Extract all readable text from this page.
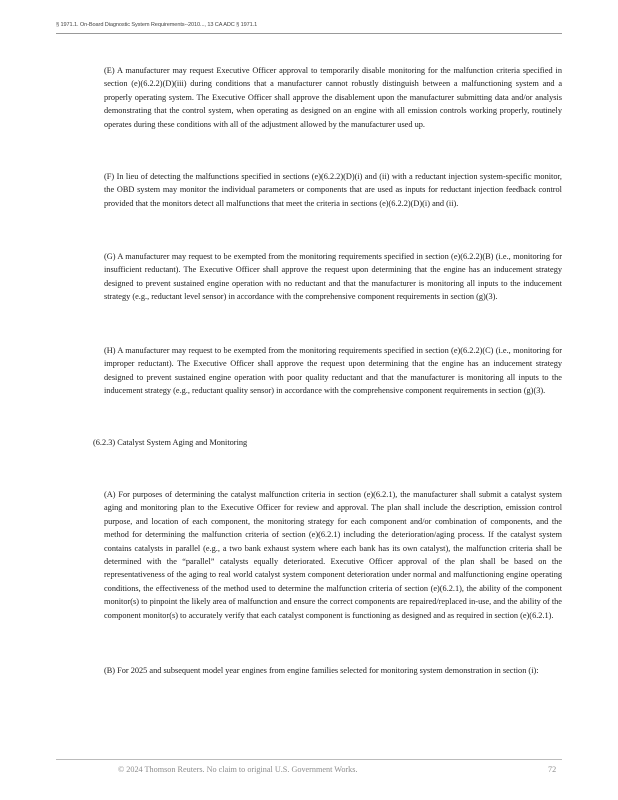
§ 1971.1. On-Board Diagnostic System Requirements--2010..., 13 CA ADC § 1971.1
(E) A manufacturer may request Executive Officer approval to temporarily disable monitoring for the malfunction criteria specified in section (e)(6.2.2)(D)(iii) during conditions that a manufacturer cannot robustly distinguish between a malfunctioning system and a properly operating system. The Executive Officer shall approve the disablement upon the manufacturer submitting data and/or analysis demonstrating that the control system, when operating as designed on an engine with all emission controls working properly, routinely operates during these conditions with all of the adjustment allowed by the manufacturer used up.
(F) In lieu of detecting the malfunctions specified in sections (e)(6.2.2)(D)(i) and (ii) with a reductant injection system-specific monitor, the OBD system may monitor the individual parameters or components that are used as inputs for reductant injection feedback control provided that the monitors detect all malfunctions that meet the criteria in sections (e)(6.2.2)(D)(i) and (ii).
(G) A manufacturer may request to be exempted from the monitoring requirements specified in section (e)(6.2.2)(B) (i.e., monitoring for insufficient reductant). The Executive Officer shall approve the request upon determining that the engine has an inducement strategy designed to prevent sustained engine operation with no reductant and that the manufacturer is monitoring all inputs to the inducement strategy (e.g., reductant level sensor) in accordance with the comprehensive component requirements in section (g)(3).
(H) A manufacturer may request to be exempted from the monitoring requirements specified in section (e)(6.2.2)(C) (i.e., monitoring for improper reductant). The Executive Officer shall approve the request upon determining that the engine has an inducement strategy designed to prevent sustained engine operation with poor quality reductant and that the manufacturer is monitoring all inputs to the inducement strategy (e.g., reductant quality sensor) in accordance with the comprehensive component requirements in section (g)(3).
(6.2.3) Catalyst System Aging and Monitoring
(A) For purposes of determining the catalyst malfunction criteria in section (e)(6.2.1), the manufacturer shall submit a catalyst system aging and monitoring plan to the Executive Officer for review and approval. The plan shall include the description, emission control purpose, and location of each component, the monitoring strategy for each component and/or combination of components, and the method for determining the malfunction criteria of section (e)(6.2.1) including the deterioration/aging process. If the catalyst system contains catalysts in parallel (e.g., a two bank exhaust system where each bank has its own catalyst), the malfunction criteria shall be determined with the “parallel” catalysts equally deteriorated. Executive Officer approval of the plan shall be based on the representativeness of the aging to real world catalyst system component deterioration under normal and malfunctioning engine operating conditions, the effectiveness of the method used to determine the malfunction criteria of section (e)(6.2.1), the ability of the component monitor(s) to pinpoint the likely area of malfunction and ensure the correct components are repaired/replaced in-use, and the ability of the component monitor(s) to accurately verify that each catalyst component is functioning as designed and as required in section (e)(6.2.1).
(B) For 2025 and subsequent model year engines from engine families selected for monitoring system demonstration in section (i):
© 2024 Thomson Reuters. No claim to original U.S. Government Works.	72
